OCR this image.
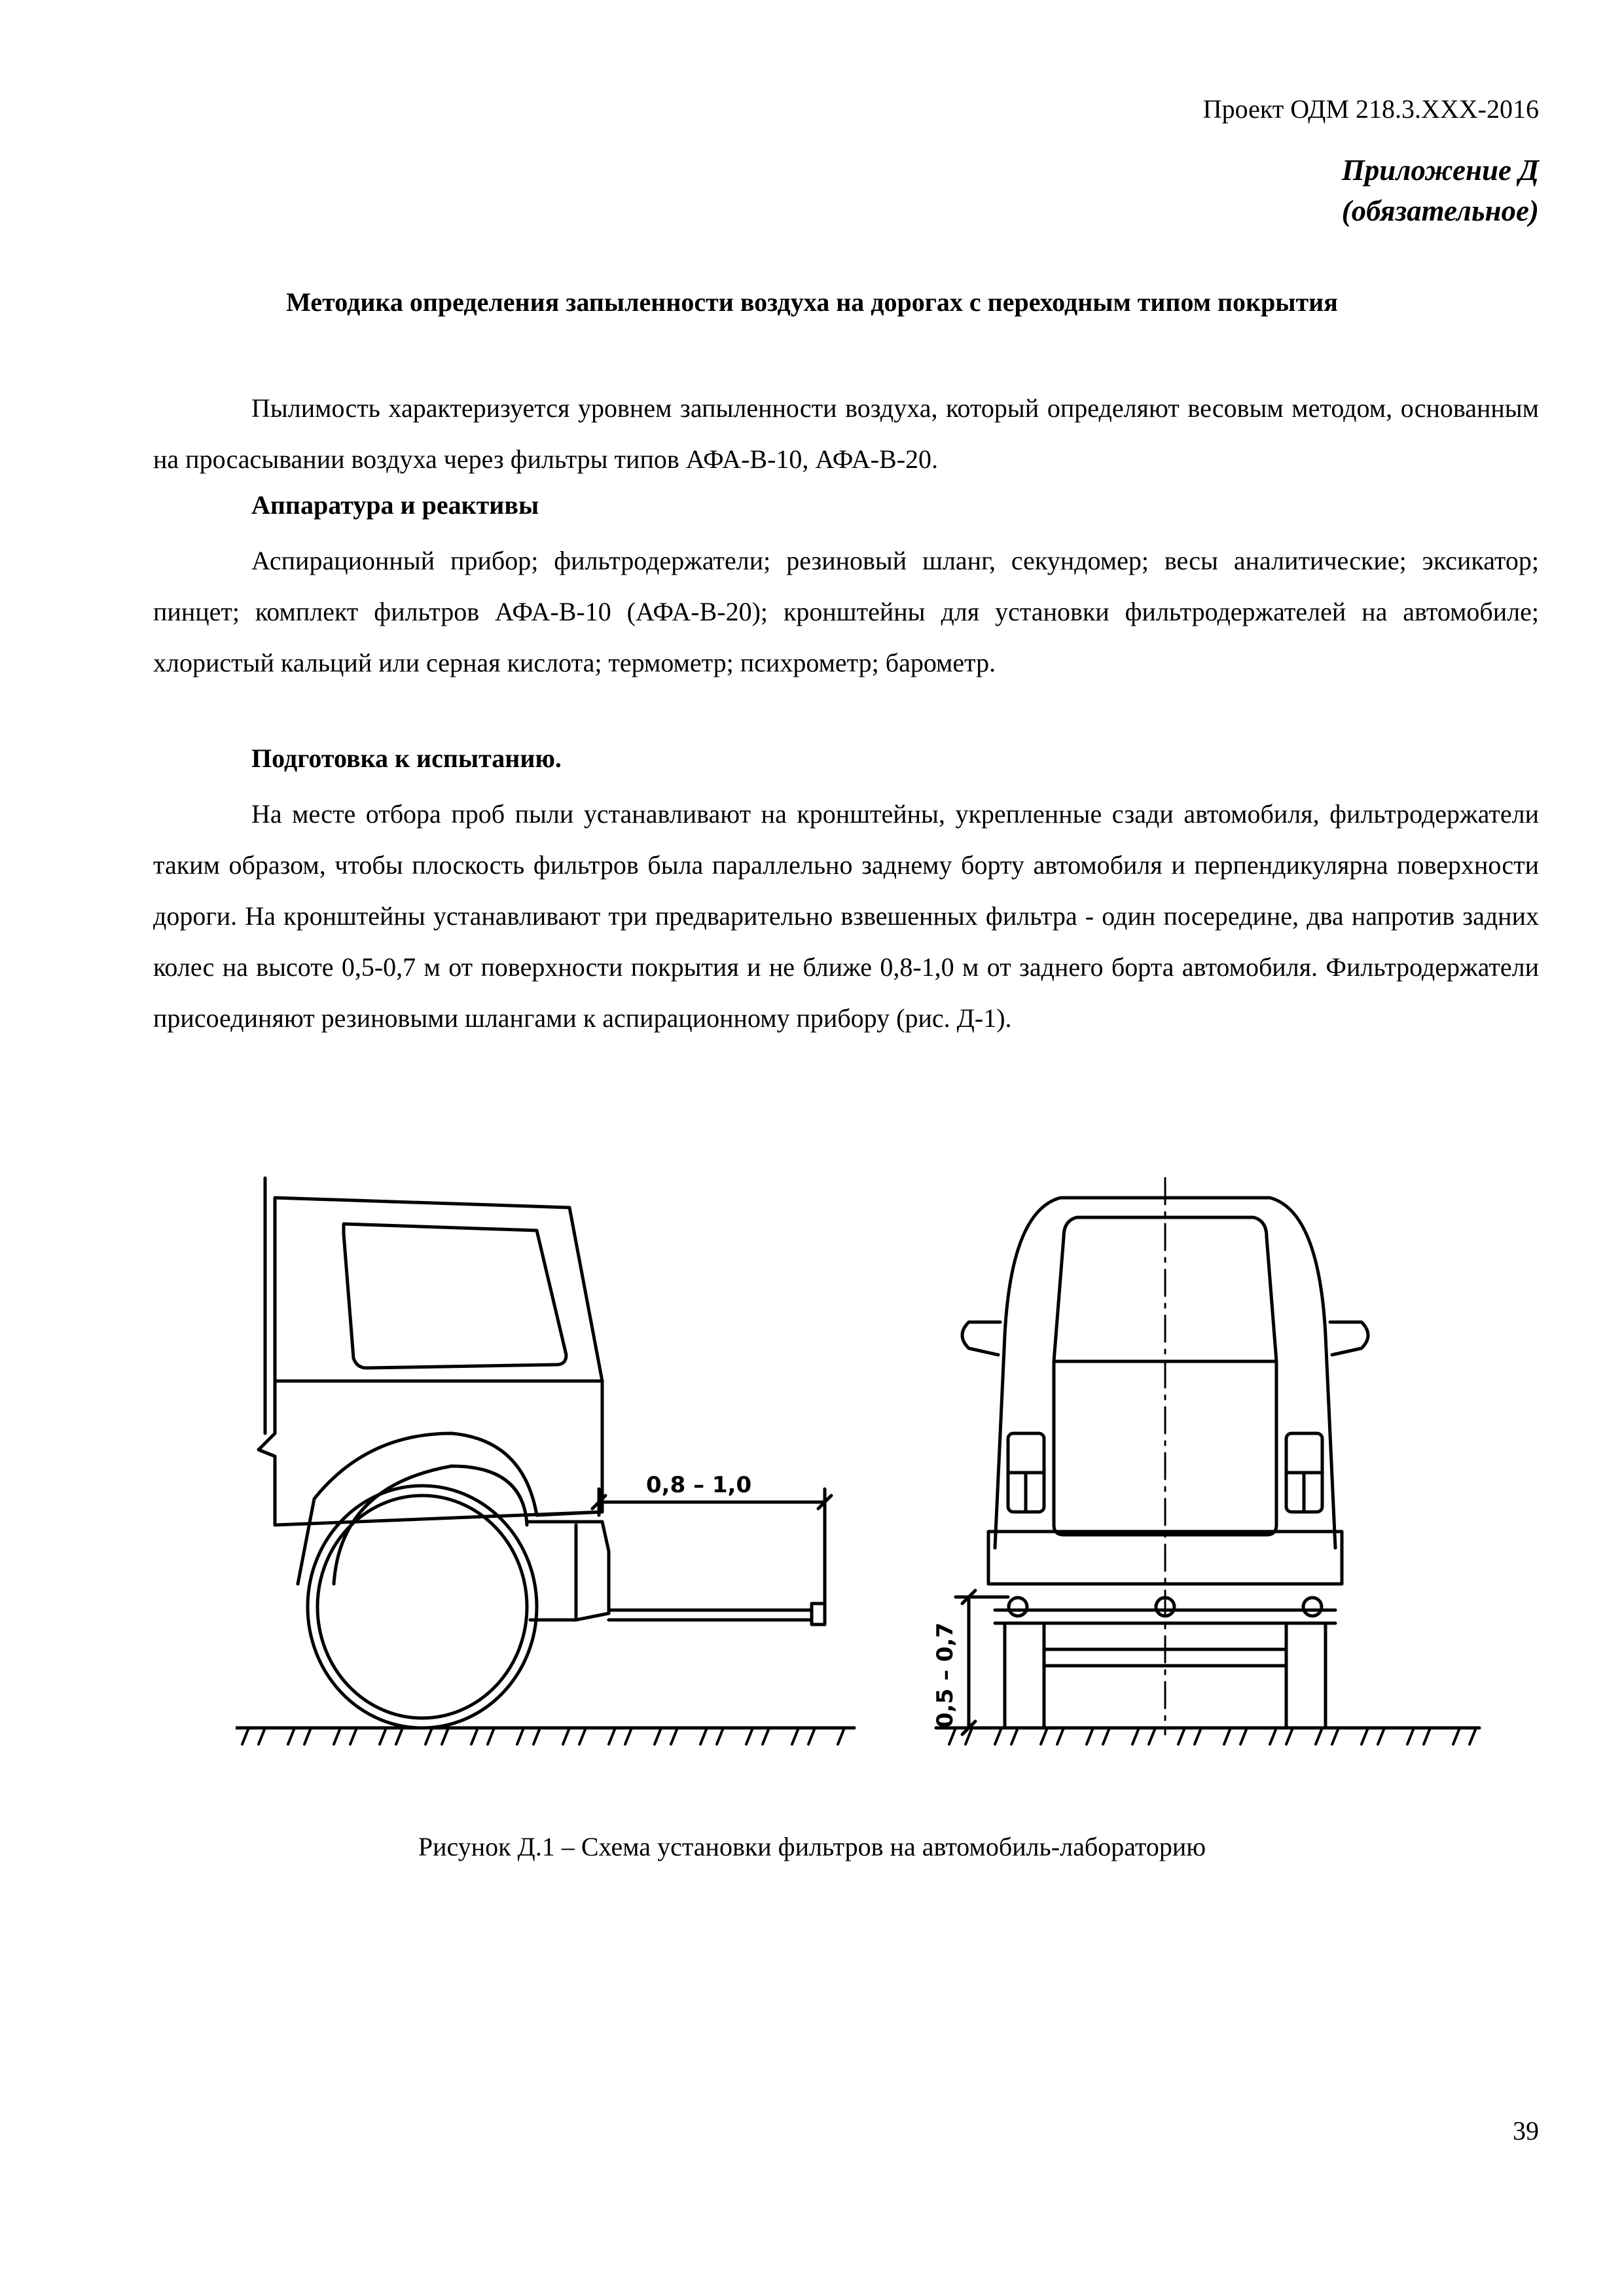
Проект ОДМ 218.3.XXX-2016
Приложение Д
(обязательное)
Методика определения запыленности воздуха на дорогах с переходным типом покрытия
Пылимость характеризуется уровнем запыленности воздуха, который определяют весовым методом, основанным на просасывании воздуха через фильтры типов АФА-В-10, АФА-В-20.
Аппаратура и реактивы
Аспирационный прибор; фильтродержатели; резиновый шланг, секундомер; весы аналитические; эксикатор; пинцет; комплект фильтров АФА-В-10 (АФА-В-20); кронштейны для установки фильтродержателей на автомобиле; хлористый кальций или серная кислота; термометр; психрометр; барометр.
Подготовка к испытанию.
На месте отбора проб пыли устанавливают на кронштейны, укрепленные сзади автомобиля, фильтродержатели таким образом, чтобы плоскость фильтров была параллельно заднему борту автомобиля и перпендикулярна поверхности дороги. На кронштейны устанавливают три предварительно взвешенных фильтра - один посередине, два напротив задних колес на высоте 0,5-0,7 м от поверхности покрытия и не ближе 0,8-1,0 м от заднего борта автомобиля. Фильтродержатели присоединяют резиновыми шлангами к аспирационному прибору (рис. Д-1).
0,8 – 1,0
0,5 – 0,7
Рисунок Д.1 – Схема установки фильтров на автомобиль-лабораторию
39
